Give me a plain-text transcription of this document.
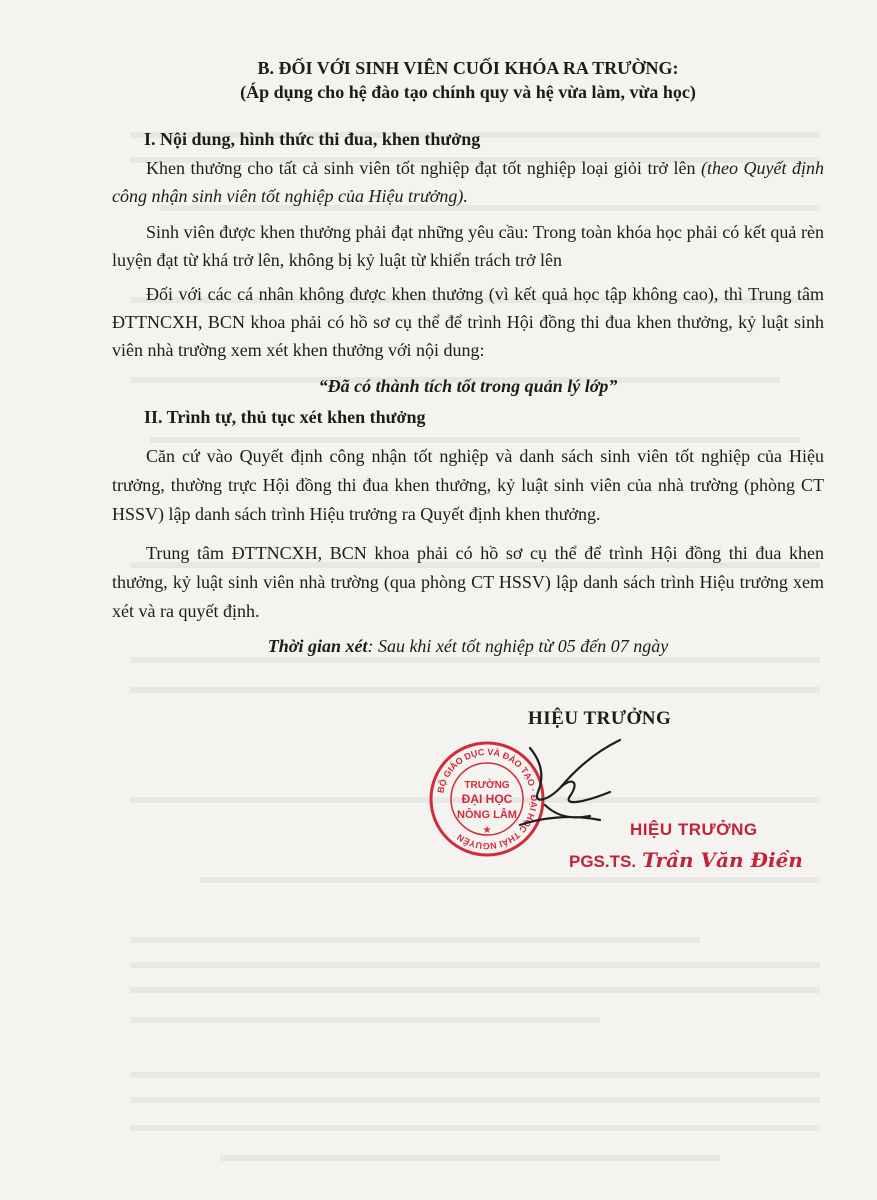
B. ĐỐI VỚI SINH VIÊN CUỐI KHÓA RA TRƯỜNG:
(Áp dụng cho hệ đào tạo chính quy và hệ vừa làm, vừa học)
I. Nội dung, hình thức thi đua, khen thưởng

Khen thưởng cho tất cả sinh viên tốt nghiệp đạt tốt nghiệp loại giỏi trở lên (theo Quyết định công nhận sinh viên tốt nghiệp của Hiệu trưởng).

Sinh viên được khen thưởng phải đạt những yêu cầu: Trong toàn khóa học phải có kết quả rèn luyện đạt từ khá trở lên, không bị kỷ luật từ khiển trách trở lên

Đối với các cá nhân không được khen thưởng (vì kết quả học tập không cao), thì Trung tâm ĐTTNCXH, BCN khoa phải có hồ sơ cụ thể để trình Hội đồng thi đua khen thưởng, kỷ luật sinh viên nhà trường xem xét khen thưởng với nội dung:

“Đã có thành tích tốt trong quản lý lớp”

II. Trình tự, thủ tục xét khen thưởng

Căn cứ vào Quyết định công nhận tốt nghiệp và danh sách sinh viên tốt nghiệp của Hiệu trưởng, thường trực Hội đồng thi đua khen thưởng, kỷ luật sinh viên của nhà trường (phòng CT HSSV) lập danh sách trình Hiệu trưởng ra Quyết định khen thưởng.

Trung tâm ĐTTNCXH, BCN khoa phải có hồ sơ cụ thể để trình Hội đồng thi đua khen thưởng, kỷ luật sinh viên nhà trường (qua phòng CT HSSV) lập danh sách trình Hiệu trưởng xem xét và ra quyết định.

Thời gian xét: Sau khi xét tốt nghiệp từ 05 đến 07 ngày

HIỆU TRƯỞNG
BỘ GIÁO DỤC VÀ ĐÀO TẠO · ĐẠI HỌC THÁI NGUYÊN
TRƯỜNG
ĐẠI HỌC
NÔNG LÂM
★	HIỆU TRƯỞNG
PGS.TS. Trần Văn Điền
